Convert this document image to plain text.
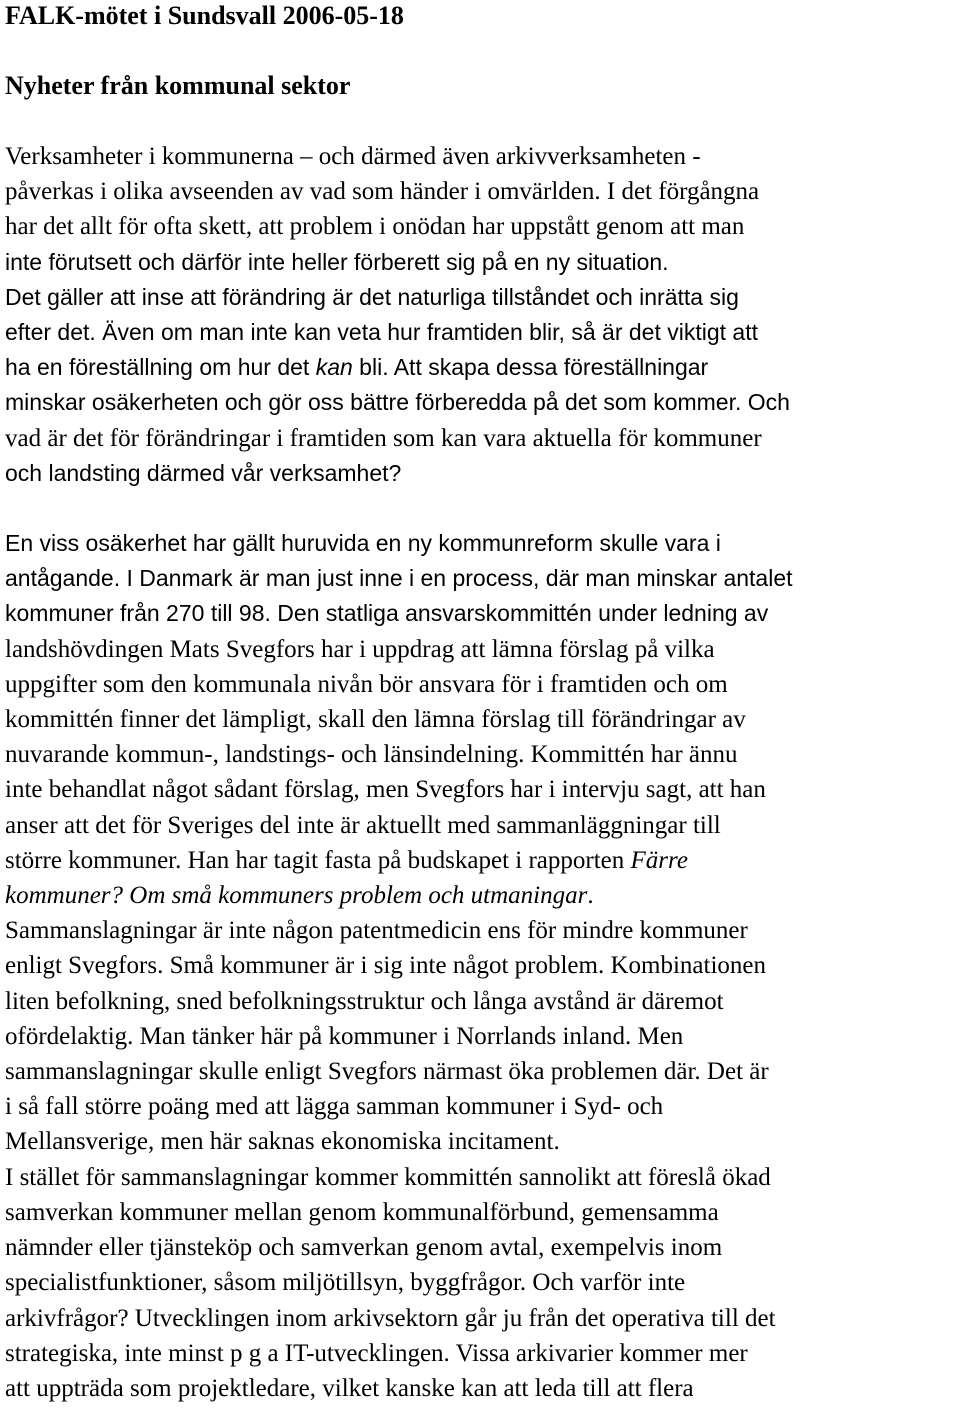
FALK-mötet i Sundsvall 2006-05-18
Nyheter från kommunal sektor

Verksamheter i kommunerna – och därmed även arkivverksamheten -
påverkas i olika avseenden av vad som händer i omvärlden. I det förgångna
har det allt för ofta skett, att problem i onödan har uppstått genom att man
inte förutsett och därför inte heller förberett sig på en ny situation.
Det gäller att inse att förändring är det naturliga tillståndet och inrätta sig
efter det. Även om man inte kan veta hur framtiden blir, så är det viktigt att
ha en föreställning om hur det kan bli. Att skapa dessa föreställningar
minskar osäkerheten och gör oss bättre förberedda på det som kommer. Och
vad är det för förändringar i framtiden som kan vara aktuella för kommuner
och landsting därmed vår verksamhet?

En viss osäkerhet har gällt huruvida en ny kommunreform skulle vara i
antågande. I Danmark är man just inne i en process, där man minskar antalet
kommuner från 270 till 98. Den statliga ansvarskommittén under ledning av
landshövdingen Mats Svegfors har i uppdrag att lämna förslag på vilka
uppgifter som den kommunala nivån bör ansvara för i framtiden och om
kommittén finner det lämpligt, skall den lämna förslag till förändringar av
nuvarande kommun-, landstings- och länsindelning. Kommittén har ännu
inte behandlat något sådant förslag, men Svegfors har i intervju sagt, att han
anser att det för Sveriges del inte är aktuellt med sammanläggningar till
större kommuner. Han har tagit fasta på budskapet i rapporten Färre
kommuner? Om små kommuners problem och utmaningar.
Sammanslagningar är inte någon patentmedicin ens för mindre kommuner
enligt Svegfors. Små kommuner är i sig inte något problem. Kombinationen
liten befolkning, sned befolkningsstruktur och långa avstånd är däremot
ofördelaktig. Man tänker här på kommuner i Norrlands inland. Men
sammanslagningar skulle enligt Svegfors närmast öka problemen där. Det är
i så fall större poäng med att lägga samman kommuner i Syd- och
Mellansverige, men här saknas ekonomiska incitament.
I stället för sammanslagningar kommer kommittén sannolikt att föreslå ökad
samverkan kommuner mellan genom kommunalförbund, gemensamma
nämnder eller tjänsteköp och samverkan genom avtal, exempelvis inom
specialistfunktioner, såsom miljötillsyn, byggfrågor. Och varför inte
arkivfrågor? Utvecklingen inom arkivsektorn går ju från det operativa till det
strategiska, inte minst p g a IT-utvecklingen. Vissa arkivarier kommer mer
att uppträda som projektledare, vilket kanske kan att leda till att flera
